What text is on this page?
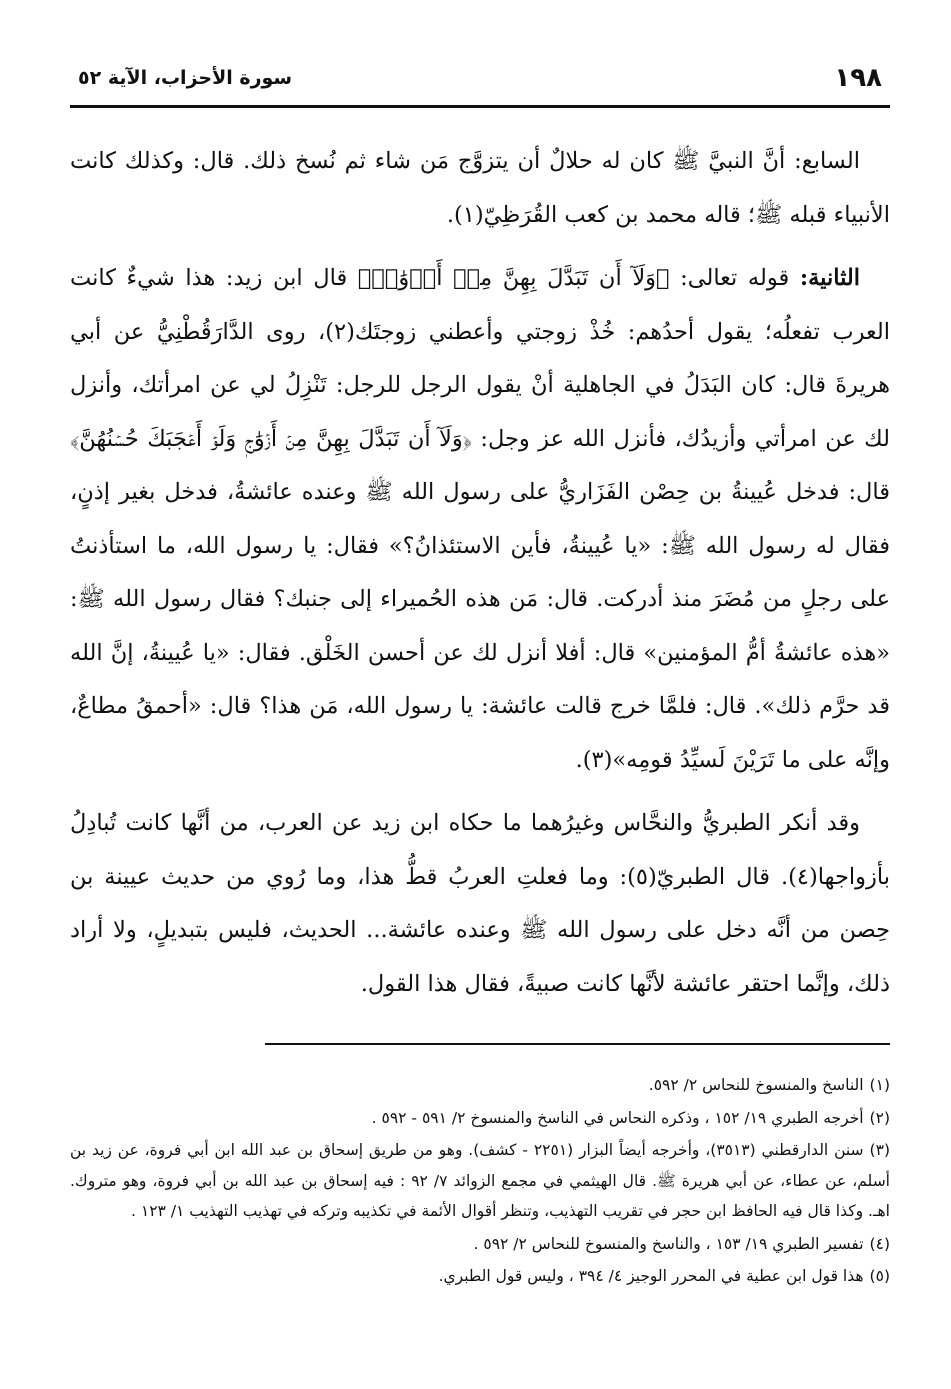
١٩٨
سورة الأحزاب، الآية ٥٢

السابع: أنَّ النبيَّ ﷺ كان له حلالٌ أن يتزوَّج مَن شاء ثم نُسخ ذلك. قال: وكذلك كانت الأنبياء قبله ﷺ؛ قاله محمد بن كعب القُرَظِيّ(١).

الثانية: قوله تعالى: ﴿وَلَآ أَن تَبَدَّلَ بِهِنَّ مِنۡ أَزۡوَٰجٖ﴾ قال ابن زيد: هذا شيءٌ كانت العرب تفعلُه؛ يقول أحدُهم: خُذْ زوجتي وأعطني زوجتَك(٢)، روى الدَّارَقُطْنِيُّ عن أبي هريرةَ قال: كان البَدَلُ في الجاهلية أنْ يقول الرجل للرجل: تَنْزِلُ لي عن امرأتك، وأنزل لك عن امرأتي وأزيدُك، فأنزل الله عز وجل: ﴿وَلَآ أَن تَبَدَّلَ بِهِنَّ مِنۡ أَزۡوَٰجٖ وَلَوۡ أَعۡجَبَكَ حُسۡنُهُنَّ﴾ قال: فدخل عُيينةُ بن حِصْن الفَزَاريُّ على رسول الله ﷺ وعنده عائشةُ، فدخل بغير إذنٍ، فقال له رسول الله ﷺ: «يا عُيينةُ، فأين الاستئذانُ؟» فقال: يا رسول الله، ما استأذنتُ على رجلٍ من مُضَرَ منذ أدركت. قال: مَن هذه الحُميراء إلى جنبك؟ فقال رسول الله ﷺ: «هذه عائشةُ أمُّ المؤمنين» قال: أفلا أنزل لك عن أحسن الخَلْق. فقال: «يا عُيينةُ، إنَّ الله قد حرَّم ذلك». قال: فلمَّا خرج قالت عائشة: يا رسول الله، مَن هذا؟ قال: «أحمقُ مطاعٌ، وإنَّه على ما تَرَيْنَ لَسيِّدُ قومِه»(٣).

وقد أنكر الطبريُّ والنحَّاس وغيرُهما ما حكاه ابن زيد عن العرب، من أنَّها كانت تُبادِلُ بأزواجها(٤). قال الطبريّ(٥): وما فعلتِ العربُ قطُّ هذا، وما رُوي من حديث عيينة بن حِصن من أنَّه دخل على رسول الله ﷺ وعنده عائشة... الحديث، فليس بتبديلٍ، ولا أراد ذلك، وإنَّما احتقر عائشة لأنَّها كانت صبيةً، فقال هذا القول.

(١)الناسخ والمنسوخ للنحاس ٢/ ٥٩٢.
(٢)أخرجه الطبري ١٩/ ١٥٢ ، وذكره النحاس في الناسخ والمنسوخ ٢/ ٥٩١ - ٥٩٢ .
(٣)سنن الدارقطني (٣٥١٣)، وأخرجه أيضاً البزار (٢٢٥١ - كشف). وهو من طريق إسحاق بن عبد الله ابن أبي فروة، عن زيد بن أسلم، عن عطاء، عن أبي هريرة ﷺ. قال الهيثمي في مجمع الزوائد ٧/ ٩٢ : فيه إسحاق بن عبد الله بن أبي فروة، وهو متروك. اهـ. وكذا قال فيه الحافظ ابن حجر في تقريب التهذيب، وتنظر أقوال الأئمة في تكذيبه وتركه في تهذيب التهذيب ١/ ١٢٣ .
(٤)تفسير الطبري ١٩/ ١٥٣ ، والناسخ والمنسوخ للنحاس ٢/ ٥٩٢ .
(٥)هذا قول ابن عطية في المحرر الوجيز ٤/ ٣٩٤ ، وليس قول الطبري.
